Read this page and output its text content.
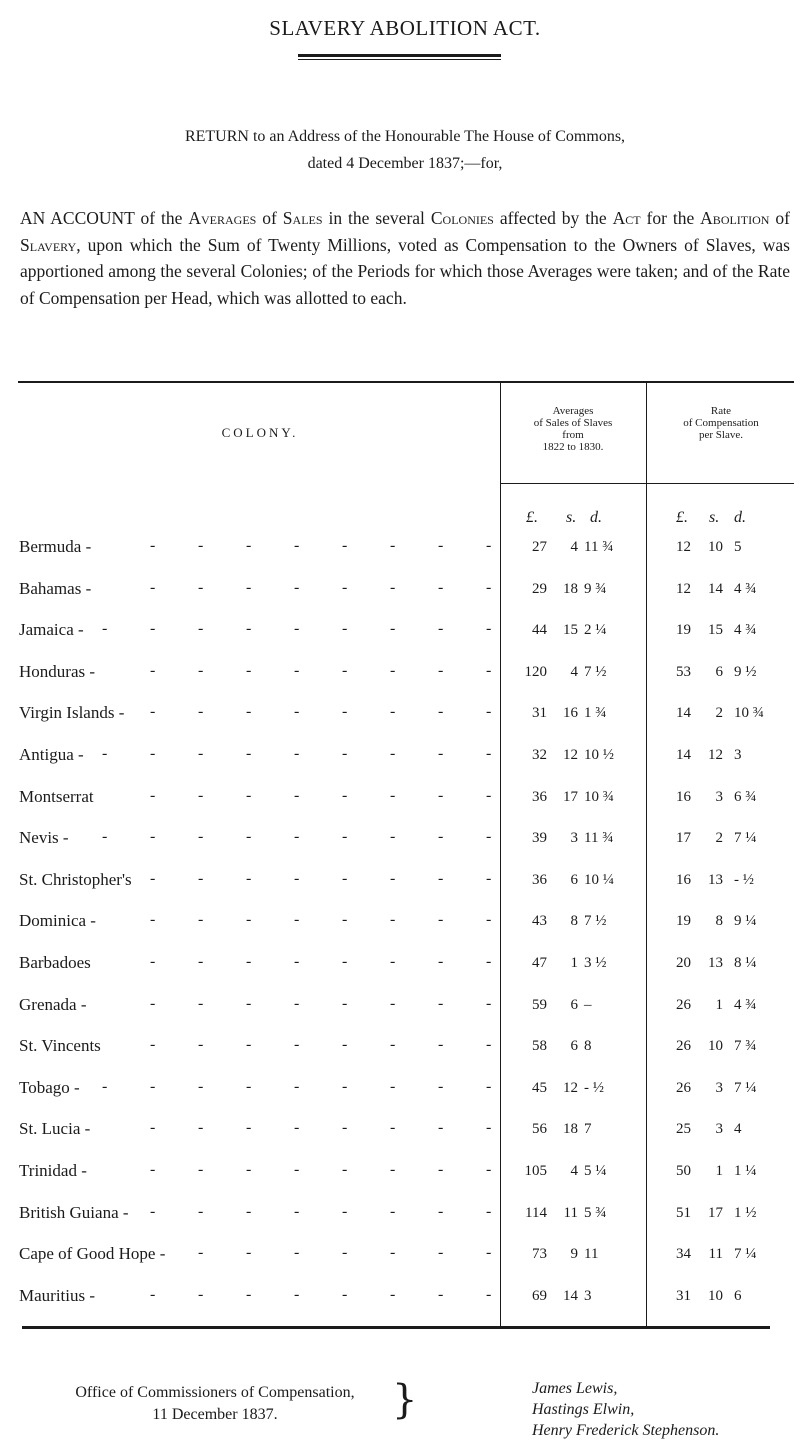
SLAVERY ABOLITION ACT.
RETURN to an Address of the Honourable The House of Commons,
dated 4 December 1837;—for,
AN ACCOUNT of the Averages of Sales in the several Colonies affected by the Act for the Abolition of Slavery, upon which the Sum of Twenty Millions, voted as Compensation to the Owners of Slaves, was apportioned among the several Colonies; of the Periods for which those Averages were taken; and of the Rate of Compensation per Head, which was allotted to each.
COLONY.
Averages
of Sales of Slaves
from
1822 to 1830.
Rate
of Compensation
per Slave.
£. s. d.	£. s. d.
Bermuda -	27	4 11 ¾	12	10 5
-
-
-
-
-
-
-
-
Bahamas -	29	18 9 ¾	12	14 4 ¾
-
-
-
-
-
-
-
-
Jamaica -	44	15 2 ¼	19	15 4 ¾
-
-
-
-
-
-
-
-
-
Honduras -	120	4 7 ½	53	6 9 ½
-
-
-
-
-
-
-
-
Virgin Islands -	31	16 1 ¾	14	2 10 ¾
-
-
-
-
-
-
-
-
Antigua -	32	12 10 ½	14	12 3
-
-
-
-
-
-
-
-
-
Montserrat	36	17 10 ¾	16	3 6 ¾
-
-
-
-
-
-
-
-
Nevis -	39	3 11 ¾	17	2 7 ¼
-
-
-
-
-
-
-
-
-
St. Christopher's	36	6 10 ¼	16	13 - ½
-
-
-
-
-
-
-
-
Dominica -	43	8 7 ½	19	8 9 ¼
-
-
-
-
-
-
-
-
Barbadoes	47	1 3 ½	20	13 8 ¼
-
-
-
-
-
-
-
-
Grenada -	59	6 –	26	1 4 ¾
-
-
-
-
-
-
-
-
St. Vincents	58	6 8	26	10 7 ¾
-
-
-
-
-
-
-
-
Tobago -	45	12 - ½	26	3 7 ¼
-
-
-
-
-
-
-
-
-
St. Lucia -	56	18 7	25	3 4
-
-
-
-
-
-
-
-
Trinidad -	105	4 5 ¼	50	1 1 ¼
-
-
-
-
-
-
-
-
British Guiana -	114	11 5 ¾	51	17 1 ½
-
-
-
-
-
-
-
-
Cape of Good Hope -	73	9 11	34	11 7 ¼
-
-
-
-
-
-
-
Mauritius -	69	14 3	31	10 6
-
-
-
-
-
-
-
-
Office of Commissioners of Compensation,
11 December 1837.	}	James Lewis,
Hastings Elwin,
Henry Frederick Stephenson.
